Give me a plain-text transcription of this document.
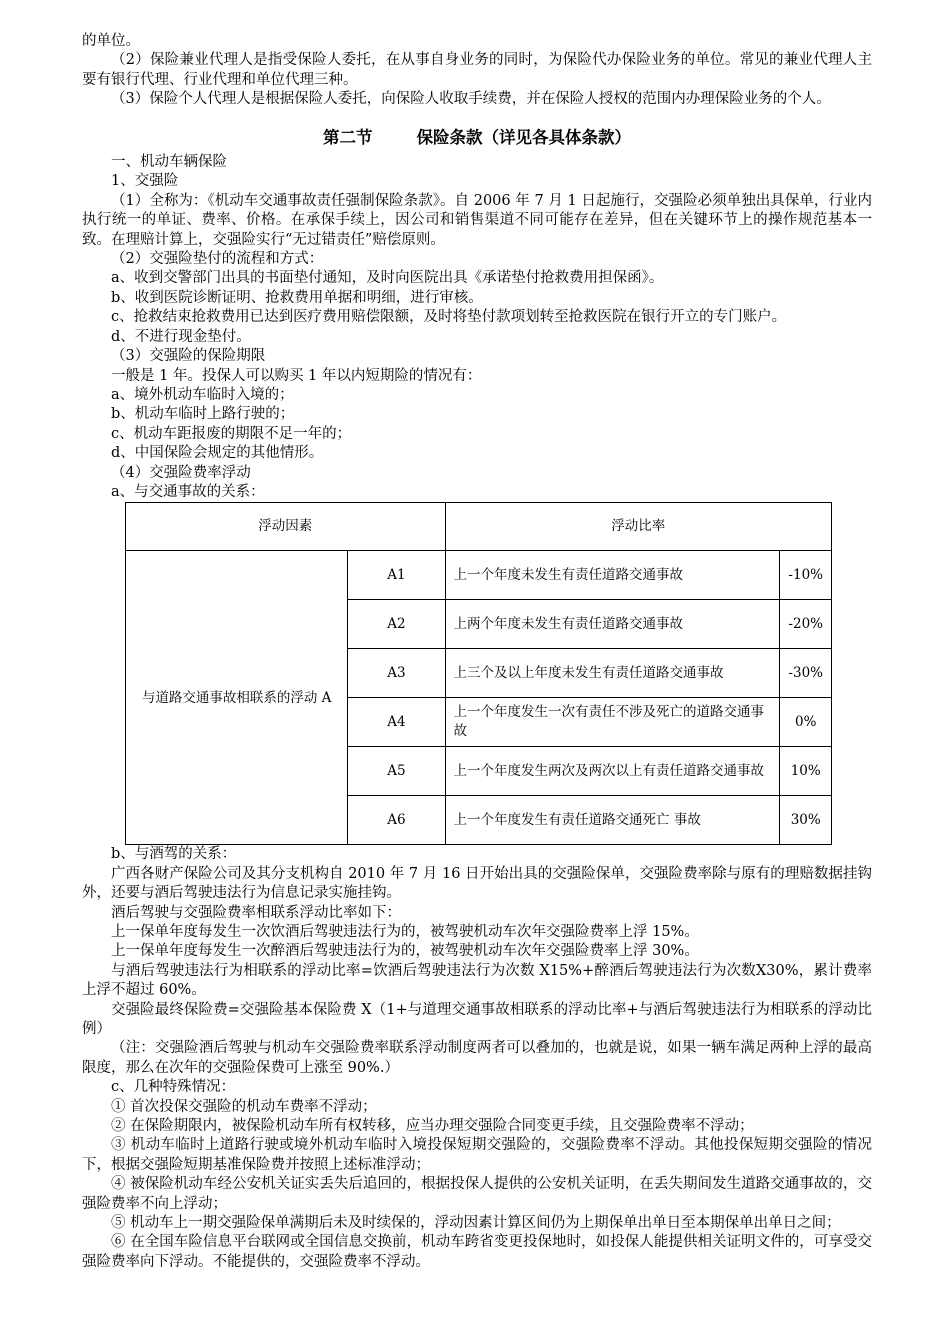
的单位。

（2）保险兼业代理人是指受保险人委托，在从事自身业务的同时，为保险代办保险业务的单位。常见的兼业代理人主要有银行代理、行业代理和单位代理三种。

（3）保险个人代理人是根据保险人委托，向保险人收取手续费，并在保险人授权的范围内办理保险业务的个人。

第二节	保险条款（详见各具体条款）

一、机动车辆保险

1、交强险

（1）全称为：《机动车交通事故责任强制保险条款》。自 2006 年 7 月 1 日起施行，交强险必须单独出具保单，行业内执行统一的单证、费率、价格。在承保手续上，因公司和销售渠道不同可能存在差异，但在关键环节上的操作规范基本一致。在理赔计算上，交强险实行“无过错责任”赔偿原则。

（2）交强险垫付的流程和方式：

a、收到交警部门出具的书面垫付通知，及时向医院出具《承诺垫付抢救费用担保函》。

b、收到医院诊断证明、抢救费用单据和明细，进行审核。

c、抢救结束抢救费用已达到医疗费用赔偿限额，及时将垫付款项划转至抢救医院在银行开立的专门账户。

d、不进行现金垫付。

（3）交强险的保险期限

一般是 1 年。投保人可以购买 1 年以内短期险的情况有：

a、境外机动车临时入境的；

b、机动车临时上路行驶的；

c、机动车距报废的期限不足一年的；

d、中国保险会规定的其他情形。

（4）交强险费率浮动

a、与交通事故的关系：

浮动因素		浮动比率	
与道路交通事故相联系的浮动 A	A1	上一个年度未发生有责任道路交通事故	-10%
	A2	上两个年度未发生有责任道路交通事故	-20%
	A3	上三个及以上年度未发生有责任道路交通事故	-30%
	A4	上一个年度发生一次有责任不涉及死亡的道路交通事故	0%
	A5	上一个年度发生两次及两次以上有责任道路交通事故	10%
	A6	上一个年度发生有责任道路交通死亡 事故	30%

b、与酒驾的关系：

广西各财产保险公司及其分支机构自 2010 年 7 月 16 日开始出具的交强险保单，交强险费率除与原有的理赔数据挂钩外，还要与酒后驾驶违法行为信息记录实施挂钩。

酒后驾驶与交强险费率相联系浮动比率如下：

上一保单年度每发生一次饮酒后驾驶违法行为的，被驾驶机动车次年交强险费率上浮 15%。

上一保单年度每发生一次醉酒后驾驶违法行为的，被驾驶机动车次年交强险费率上浮 30%。

与酒后驾驶违法行为相联系的浮动比率=饮酒后驾驶违法行为次数 X15%+醉酒后驾驶违法行为次数X30%，累计费率上浮不超过 60%。

交强险最终保险费=交强险基本保险费 X（1+与道理交通事故相联系的浮动比率+与酒后驾驶违法行为相联系的浮动比例）

（注：交强险酒后驾驶与机动车交强险费率联系浮动制度两者可以叠加的，也就是说，如果一辆车满足两种上浮的最高限度，那么在次年的交强险保费可上涨至 90%.）

c、几种特殊情况：

① 首次投保交强险的机动车费率不浮动；

② 在保险期限内，被保险机动车所有权转移，应当办理交强险合同变更手续，且交强险费率不浮动；

③ 机动车临时上道路行驶或境外机动车临时入境投保短期交强险的，交强险费率不浮动。其他投保短期交强险的情况下，根据交强险短期基准保险费并按照上述标准浮动；

④ 被保险机动车经公安机关证实丢失后追回的，根据投保人提供的公安机关证明，在丢失期间发生道路交通事故的，交强险费率不向上浮动；

⑤ 机动车上一期交强险保单满期后未及时续保的，浮动因素计算区间仍为上期保单出单日至本期保单出单日之间；

⑥ 在全国车险信息平台联网或全国信息交换前，机动车跨省变更投保地时，如投保人能提供相关证明文件的，可享受交强险费率向下浮动。不能提供的，交强险费率不浮动。
